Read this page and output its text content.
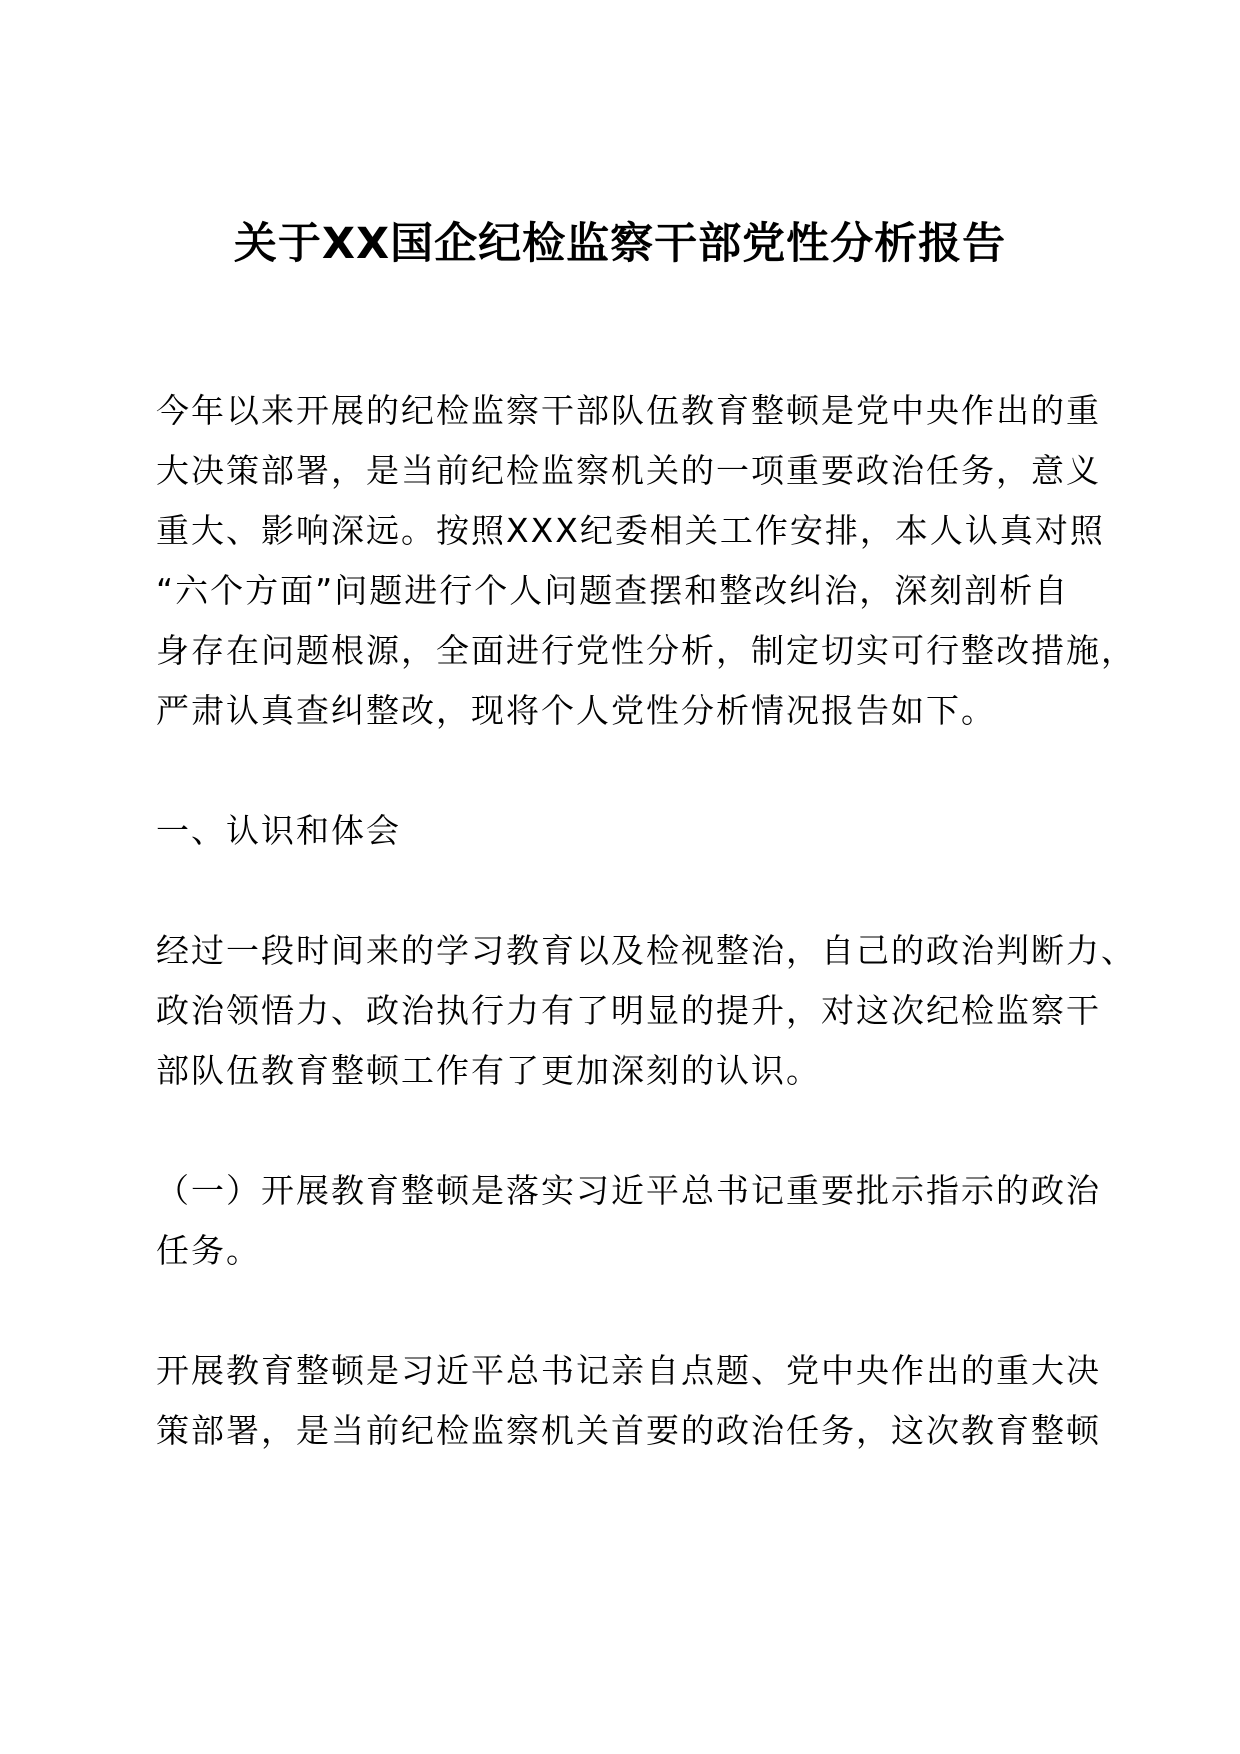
关于XX国企纪检监察干部党性分析报告
今年以来开展的纪检监察干部队伍教育整顿是党中央作出的重
大决策部署，是当前纪检监察机关的一项重要政治任务，意义
重大、影响深远。按照XXX纪委相关工作安排，本人认真对照
“六个方面”问题进行个人问题查摆和整改纠治，深刻剖析自
身存在问题根源，全面进行党性分析，制定切实可行整改措施，
严肃认真查纠整改，现将个人党性分析情况报告如下。
一、认识和体会
经过一段时间来的学习教育以及检视整治，自己的政治判断力、
政治领悟力、政治执行力有了明显的提升，对这次纪检监察干
部队伍教育整顿工作有了更加深刻的认识。
（一）开展教育整顿是落实习近平总书记重要批示指示的政治
任务。
开展教育整顿是习近平总书记亲自点题、党中央作出的重大决
策部署，是当前纪检监察机关首要的政治任务，这次教育整顿
